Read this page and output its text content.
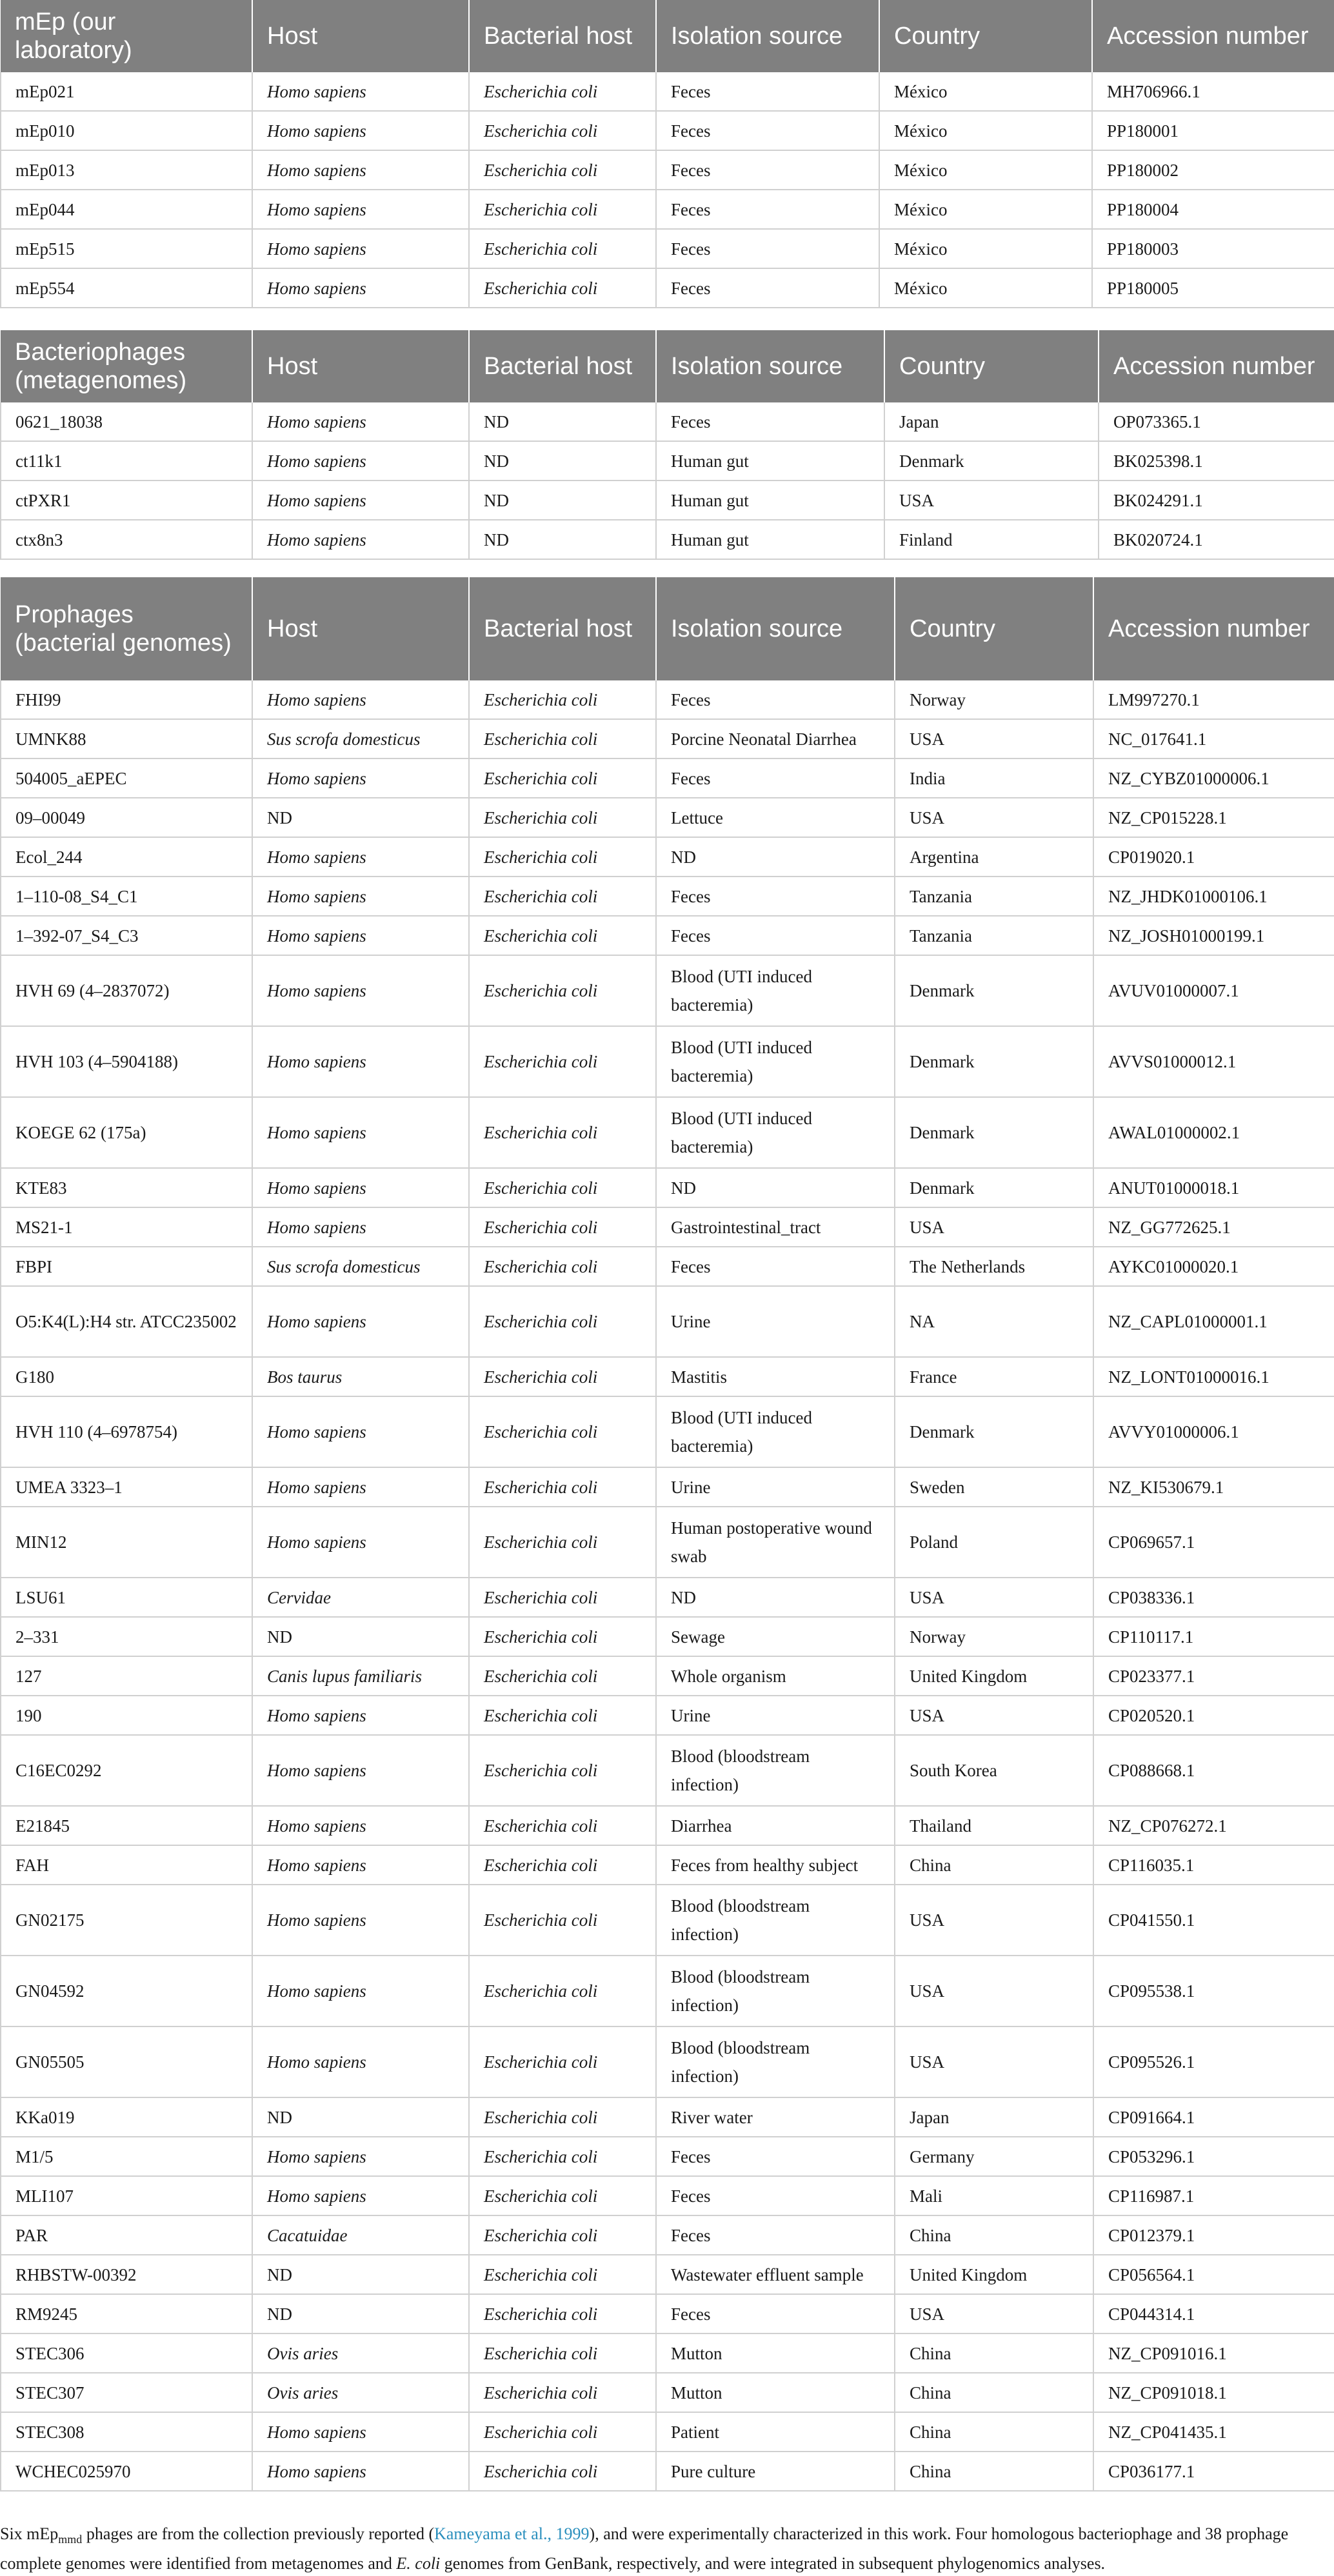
mEp (our laboratory)	Host	Bacterial host	Isolation source	Country	Accession number
mEp021	Homo sapiens	Escherichia coli	Feces	México	MH706966.1
mEp010	Homo sapiens	Escherichia coli	Feces	México	PP180001
mEp013	Homo sapiens	Escherichia coli	Feces	México	PP180002
mEp044	Homo sapiens	Escherichia coli	Feces	México	PP180004
mEp515	Homo sapiens	Escherichia coli	Feces	México	PP180003
mEp554	Homo sapiens	Escherichia coli	Feces	México	PP180005
Bacteriophages (metagenomes)	Host	Bacterial host	Isolation source	Country	Accession number
0621_18038	Homo sapiens	ND	Feces	Japan	OP073365.1
ct11k1	Homo sapiens	ND	Human gut	Denmark	BK025398.1
ctPXR1	Homo sapiens	ND	Human gut	USA	BK024291.1
ctx8n3	Homo sapiens	ND	Human gut	Finland	BK020724.1
Prophages (bacterial genomes)	Host	Bacterial host	Isolation source	Country	Accession number
FHI99	Homo sapiens	Escherichia coli	Feces	Norway	LM997270.1
UMNK88	Sus scrofa domesticus	Escherichia coli	Porcine Neonatal Diarrhea	USA	NC_017641.1
504005_aEPEC	Homo sapiens	Escherichia coli	Feces	India	NZ_CYBZ01000006.1
09–00049	ND	Escherichia coli	Lettuce	USA	NZ_CP015228.1
Ecol_244	Homo sapiens	Escherichia coli	ND	Argentina	CP019020.1
1–110-08_S4_C1	Homo sapiens	Escherichia coli	Feces	Tanzania	NZ_JHDK01000106.1
1–392-07_S4_C3	Homo sapiens	Escherichia coli	Feces	Tanzania	NZ_JOSH01000199.1
HVH 69 (4–2837072)	Homo sapiens	Escherichia coli	Blood (UTI induced bacteremia)	Denmark	AVUV01000007.1
HVH 103 (4–5904188)	Homo sapiens	Escherichia coli	Blood (UTI induced bacteremia)	Denmark	AVVS01000012.1
KOEGE 62 (175a)	Homo sapiens	Escherichia coli	Blood (UTI induced bacteremia)	Denmark	AWAL01000002.1
KTE83	Homo sapiens	Escherichia coli	ND	Denmark	ANUT01000018.1
MS21-1	Homo sapiens	Escherichia coli	Gastrointestinal_tract	USA	NZ_GG772625.1
FBPI	Sus scrofa domesticus	Escherichia coli	Feces	The Netherlands	AYKC01000020.1
O5:K4(L):H4 str. ATCC235002	Homo sapiens	Escherichia coli	Urine	NA	NZ_CAPL01000001.1
G180	Bos taurus	Escherichia coli	Mastitis	France	NZ_LONT01000016.1
HVH 110 (4–6978754)	Homo sapiens	Escherichia coli	Blood (UTI induced bacteremia)	Denmark	AVVY01000006.1
UMEA 3323–1	Homo sapiens	Escherichia coli	Urine	Sweden	NZ_KI530679.1
MIN12	Homo sapiens	Escherichia coli	Human postoperative wound swab	Poland	CP069657.1
LSU61	Cervidae	Escherichia coli	ND	USA	CP038336.1
2–331	ND	Escherichia coli	Sewage	Norway	CP110117.1
127	Canis lupus familiaris	Escherichia coli	Whole organism	United Kingdom	CP023377.1
190	Homo sapiens	Escherichia coli	Urine	USA	CP020520.1
C16EC0292	Homo sapiens	Escherichia coli	Blood (bloodstream infection)	South Korea	CP088668.1
E21845	Homo sapiens	Escherichia coli	Diarrhea	Thailand	NZ_CP076272.1
FAH	Homo sapiens	Escherichia coli	Feces from healthy subject	China	CP116035.1
GN02175	Homo sapiens	Escherichia coli	Blood (bloodstream infection)	USA	CP041550.1
GN04592	Homo sapiens	Escherichia coli	Blood (bloodstream infection)	USA	CP095538.1
GN05505	Homo sapiens	Escherichia coli	Blood (bloodstream infection)	USA	CP095526.1
KKa019	ND	Escherichia coli	River water	Japan	CP091664.1
M1/5	Homo sapiens	Escherichia coli	Feces	Germany	CP053296.1
MLI107	Homo sapiens	Escherichia coli	Feces	Mali	CP116987.1
PAR	Cacatuidae	Escherichia coli	Feces	China	CP012379.1
RHBSTW-00392	ND	Escherichia coli	Wastewater effluent sample	United Kingdom	CP056564.1
RM9245	ND	Escherichia coli	Feces	USA	CP044314.1
STEC306	Ovis aries	Escherichia coli	Mutton	China	NZ_CP091016.1
STEC307	Ovis aries	Escherichia coli	Mutton	China	NZ_CP091018.1
STEC308	Homo sapiens	Escherichia coli	Patient	China	NZ_CP041435.1
WCHEC025970	Homo sapiens	Escherichia coli	Pure culture	China	CP036177.1
Six mEp$_{mmd}$ phages are from the collection previously reported (Kameyama et al., 1999), and were experimentally characterized in this work. Four homologous bacteriophage and 38 prophage complete genomes were identified from metagenomes and E. coli genomes from GenBank, respectively, and were integrated in subsequent phylogenomics analyses.
